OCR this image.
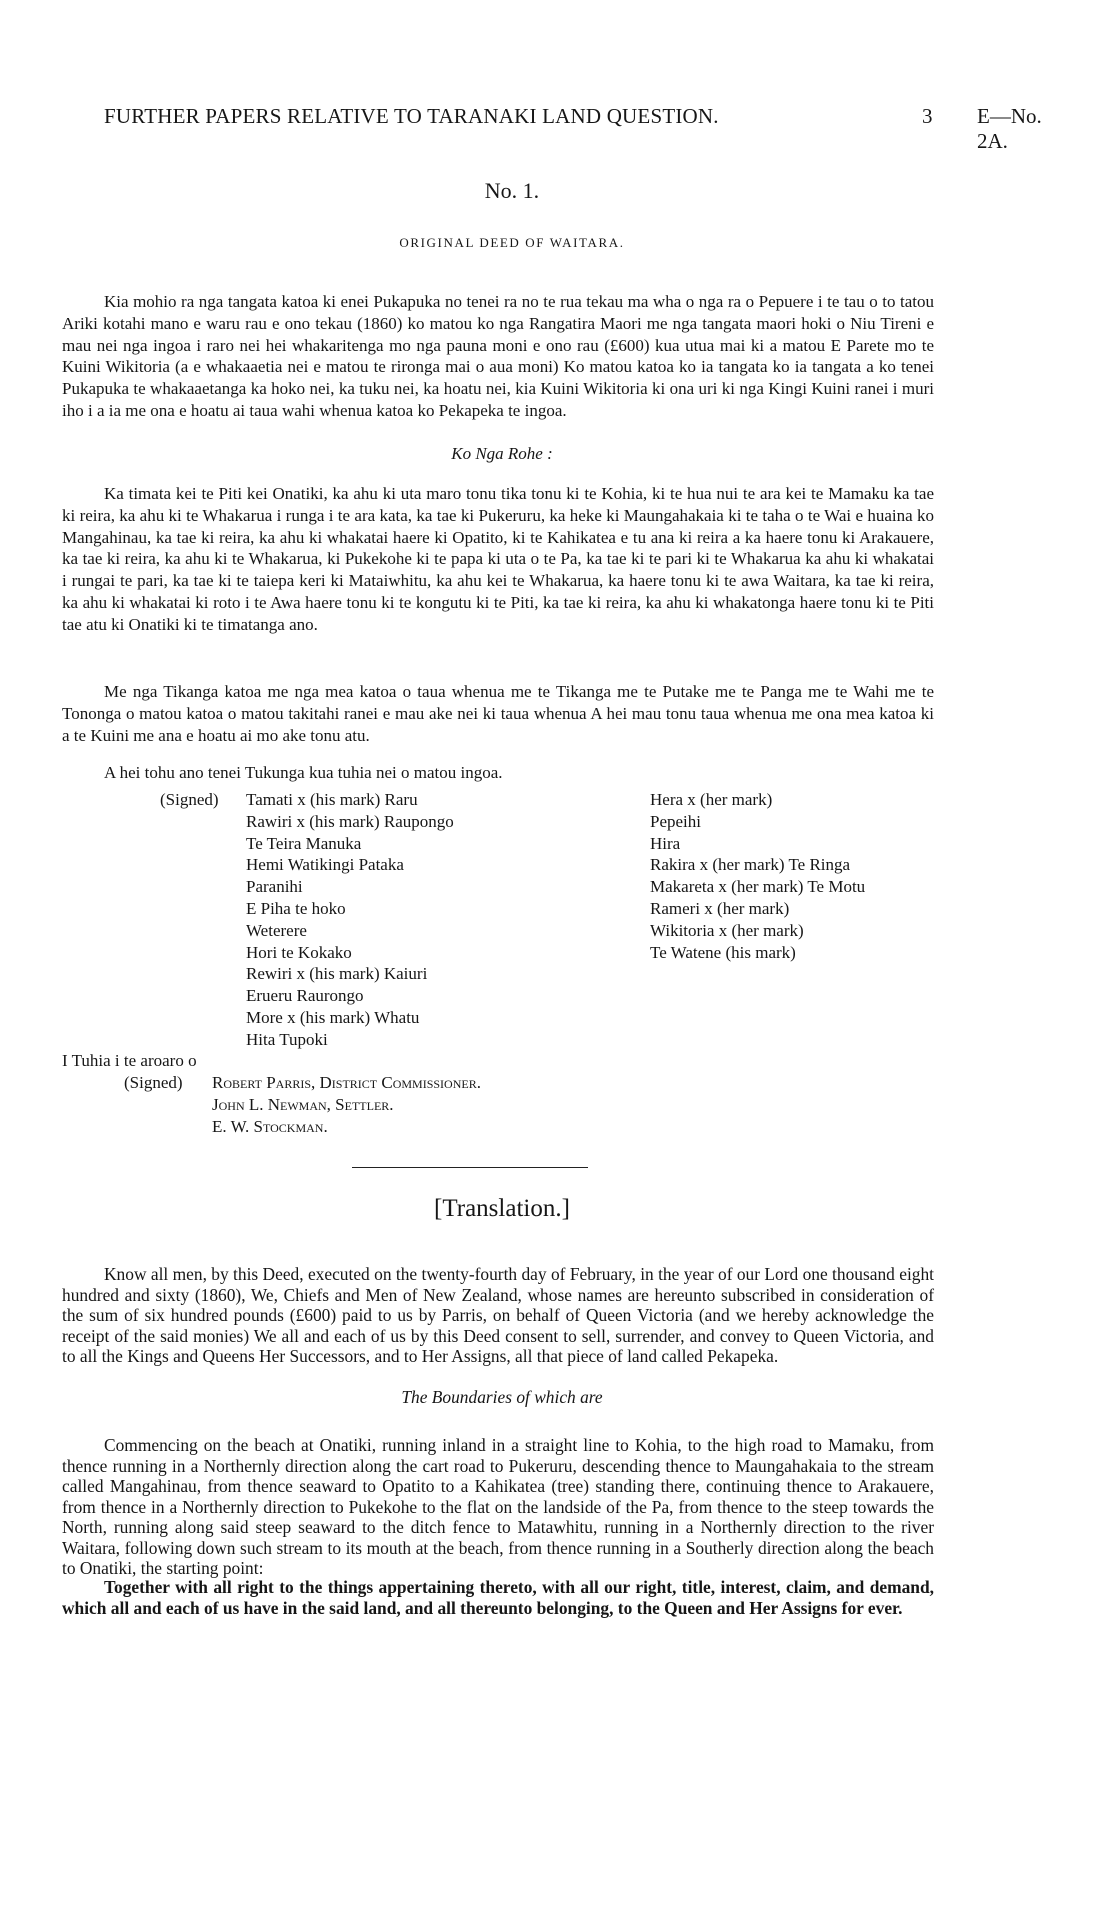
FURTHER PAPERS RELATIVE TO TARANAKI LAND QUESTION.	3 E—No. 2A.
No. 1.
ORIGINAL DEED OF WAITARA.

Kia mohio ra nga tangata katoa ki enei Pukapuka no tenei ra no te rua tekau ma wha o nga ra o Pepuere i te tau o to tatou Ariki kotahi mano e waru rau e ono tekau (1860) ko matou ko nga Rangatira Maori me nga tangata maori hoki o Niu Tireni e mau nei nga ingoa i raro nei hei whakaritenga mo nga pauna moni e ono rau (£600) kua utua mai ki a matou E Parete mo te Kuini Wikitoria (a e whakaaetia nei e matou te rironga mai o aua moni) Ko matou katoa ko ia tangata ko ia tangata a ko tenei Pukapuka te whakaaetanga ka hoko nei, ka tuku nei, ka hoatu nei, kia Kuini Wikitoria ki ona uri ki nga Kingi Kuini ranei i muri iho i a ia me ona e hoatu ai taua wahi whenua katoa ko Pekapeka te ingoa.

Ko Nga Rohe :

Ka timata kei te Piti kei Onatiki, ka ahu ki uta maro tonu tika tonu ki te Kohia, ki te hua nui te ara kei te Mamaku ka tae ki reira, ka ahu ki te Whakarua i runga i te ara kata, ka tae ki Pukeruru, ka heke ki Maungahakaia ki te taha o te Wai e huaina ko Mangahinau, ka tae ki reira, ka ahu ki whakatai haere ki Opatito, ki te Kahikatea e tu ana ki reira a ka haere tonu ki Arakauere, ka tae ki reira, ka ahu ki te Whakarua, ki Pukekohe ki te papa ki uta o te Pa, ka tae ki te pari ki te Whakarua ka ahu ki whakatai i rungai te pari, ka tae ki te taiepa keri ki Mataiwhitu, ka ahu kei te Whakarua, ka haere tonu ki te awa Waitara, ka tae ki reira, ka ahu ki whakatai ki roto i te Awa haere tonu ki te kongutu ki te Piti, ka tae ki reira, ka ahu ki whakatonga haere tonu ki te Piti tae atu ki Onatiki ki te timatanga ano.

Me nga Tikanga katoa me nga mea katoa o taua whenua me te Tikanga me te Putake me te Panga me te Wahi me te Tononga o matou katoa o matou takitahi ranei e mau ake nei ki taua whenua A hei mau tonu taua whenua me ona mea katoa ki a te Kuini me ana e hoatu ai mo ake tonu atu.

A hei tohu ano tenei Tukunga kua tuhia nei o matou ingoa.

(Signed) Tamati x (his mark) Raru
Rawiri x (his mark) Raupongo
Te Teira Manuka
Hemi Watikingi Pataka
Paranihi
E Piha te hoko
Weterere
Hori te Kokako
Rewiri x (his mark) Kaiuri
Erueru Raurongo
More x (his mark) Whatu
Hita Tupoki
Hera x (her mark)
Pepeihi
Hira
Rakira x (her mark) Te Ringa
Makareta x (her mark) Te Motu
Rameri x (her mark)
Wikitoria x (her mark)
Te Watene (his mark)
I Tuhia i te aroaro o
(Signed) Robert Parris, District Commissioner.
John L. Newman, Settler.
E. W. Stockman.
[Translation.]

Know all men, by this Deed, executed on the twenty-fourth day of February, in the year of our Lord one thousand eight hundred and sixty (1860), We, Chiefs and Men of New Zealand, whose names are hereunto subscribed in consideration of the sum of six hundred pounds (£600) paid to us by Parris, on behalf of Queen Victoria (and we hereby acknowledge the receipt of the said monies) We all and each of us by this Deed consent to sell, surrender, and convey to Queen Victoria, and to all the Kings and Queens Her Successors, and to Her Assigns, all that piece of land called Pekapeka.

The Boundaries of which are

Commencing on the beach at Onatiki, running inland in a straight line to Kohia, to the high road to Mamaku, from thence running in a Northernly direction along the cart road to Pukeruru, descending thence to Maungahakaia to the stream called Mangahinau, from thence seaward to Opatito to a Kahikatea (tree) standing there, continuing thence to Arakauere, from thence in a Northernly direction to Pukekohe to the flat on the landside of the Pa, from thence to the steep towards the North, running along said steep seaward to the ditch fence to Matawhitu, running in a Northernly direction to the river Waitara, following down such stream to its mouth at the beach, from thence running in a Southerly direction along the beach to Onatiki, the starting point:

Together with all right to the things appertaining thereto, with all our right, title, interest, claim, and demand, which all and each of us have in the said land, and all thereunto belonging, to the Queen and Her Assigns for ever.
